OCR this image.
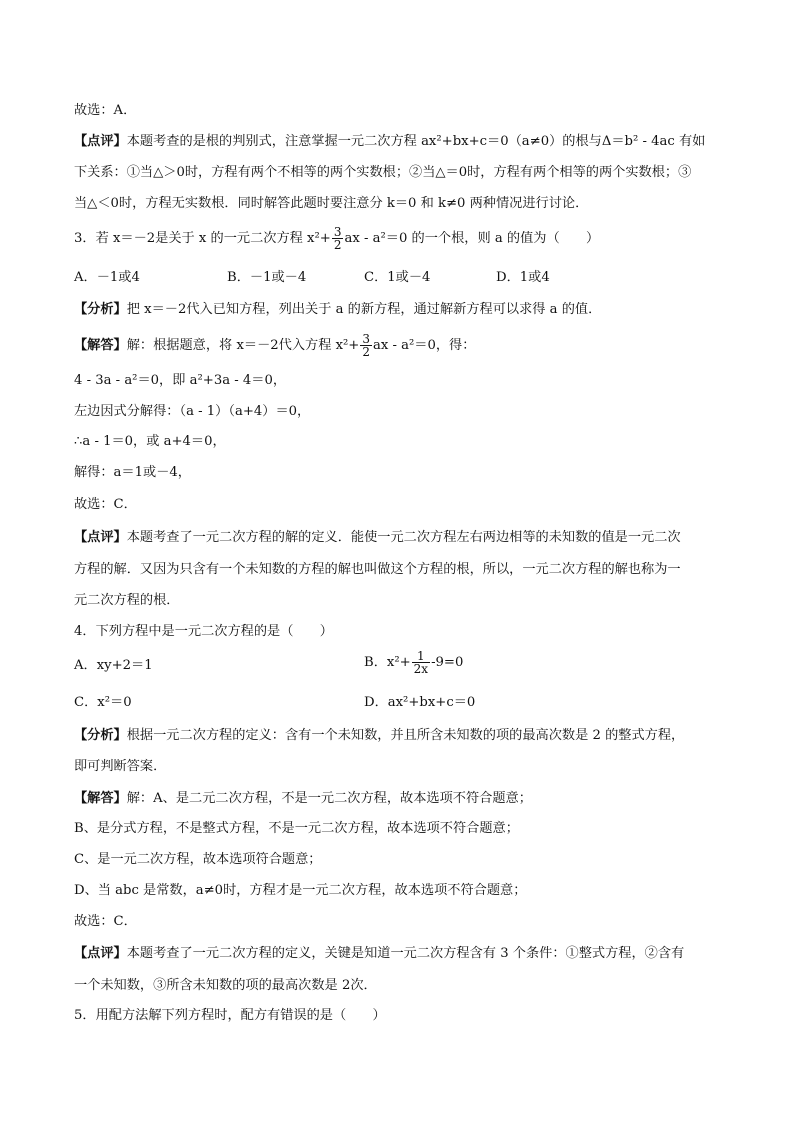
故选：A．
【点评】本题考查的是根的判别式，注意掌握一元二次方程 ax²+bx+c＝0（a≠0）的根与Δ＝b² - 4ac 有如
下关系：①当△＞0时，方程有两个不相等的两个实数根；②当△＝0时，方程有两个相等的两个实数根；③
当△＜0时，方程无实数根．同时解答此题时要注意分 k＝0 和 k≠0 两种情况进行讨论．
3．若 x＝－2是关于 x 的一元二次方程 $x^2+ \frac{3}{2}$ ax - a²＝0 的一个根，则 a 的值为（　　）
A．－1或4	B．－1或－4	C．1或－4	D．1或4
【分析】把 x＝－2代入已知方程，列出关于 a 的新方程，通过解新方程可以求得 a 的值．
【解答】解：根据题意，将 x＝－2代入方程 $x^2+ \frac{3}{2}$ ax - a²＝0，得：
4 - 3a - a²＝0，即 a²+3a - 4＝0，
左边因式分解得：（a - 1）（a+4）＝0，
∴a - 1＝0，或 a+4＝0，
解得：a＝1或－4，
故选：C．
【点评】本题考查了一元二次方程的解的定义．能使一元二次方程左右两边相等的未知数的值是一元二次
方程的解．又因为只含有一个未知数的方程的解也叫做这个方程的根，所以，一元二次方程的解也称为一
元二次方程的根．
4．下列方程中是一元二次方程的是（　　）
A．xy+2＝1	B．$x^2+ \frac{1}{2x} -9=0$
C．x²＝0	D．ax²+bx+c＝0
【分析】根据一元二次方程的定义：含有一个未知数，并且所含未知数的项的最高次数是 2 的整式方程，
即可判断答案．
【解答】解：A、是二元二次方程，不是一元二次方程，故本选项不符合题意；
B、是分式方程，不是整式方程，不是一元二次方程，故本选项不符合题意；
C、是一元二次方程，故本选项符合题意；
D、当 abc 是常数，a≠0时，方程才是一元二次方程，故本选项不符合题意；
故选：C．
【点评】本题考查了一元二次方程的定义，关键是知道一元二次方程含有 3 个条件：①整式方程，②含有
一个未知数，③所含未知数的项的最高次数是 2次．
5．用配方法解下列方程时，配方有错误的是（　　）
